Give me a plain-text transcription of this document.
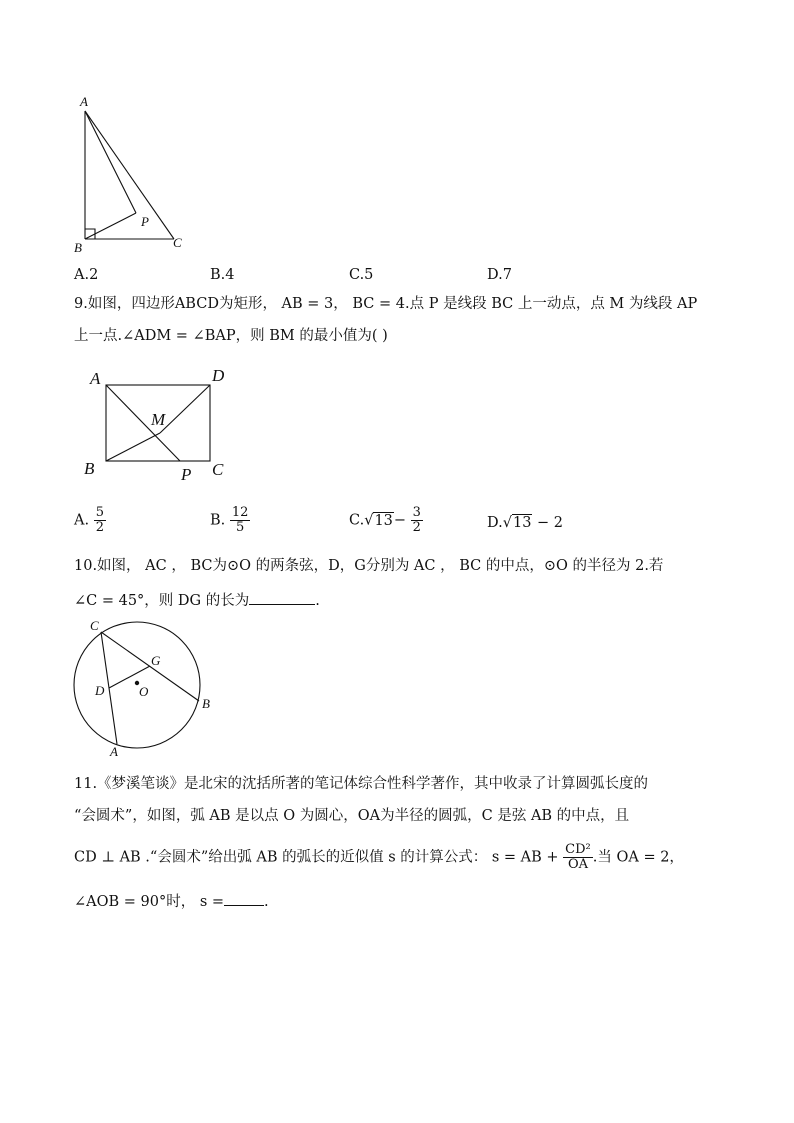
A
B	C
P
A.2	B.4	C.5	D.7
9.如图，四边形ABCD为矩形， AB = 3， BC = 4.点 P 是线段 BC 上一动点，点 M 为线段 AP
上一点.∠ADM = ∠BAP，则 BM 的最小值为( )
A	D
M
B	P C
A. $\frac{5}{2}$	B. $\frac{12}{5}$	$C.√13- \frac{3}{2}$	D.√13 − 2
10.如图， AC ， BC为⊙O 的两条弦，D，G分别为 AC ， BC 的中点，⊙O 的半径为 2.若
∠C = 45°，则 DG 的长为	.
C
G
D	O
B
A
11.《梦溪笔谈》是北宋的沈括所著的笔记体综合性科学著作，其中收录了计算圆弧长度的
“会圆术”，如图，弧 AB 是以点 O 为圆心，OA为半径的圆弧，C 是弦 AB 的中点，且
CD ⊥ AB .“会圆术”给出弧 AB 的弧长的近似值 s 的计算公式： s = AB + $\frac{\text{CD²}}{OA}$ .当 OA = 2，
∠AOB = 90°时， s =	.
